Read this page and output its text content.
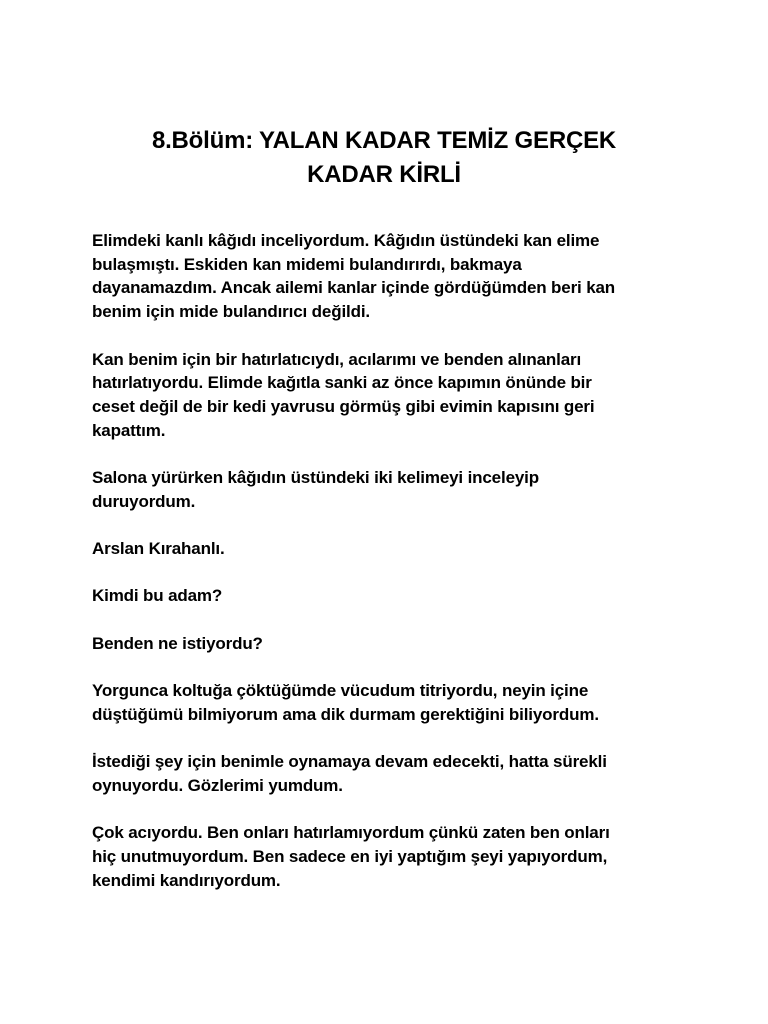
8.Bölüm: YALAN KADAR TEMİZ GERÇEK
KADAR KİRLİ

Elimdeki kanlı kâğıdı inceliyordum. Kâğıdın üstündeki kan elime
bulaşmıştı. Eskiden kan midemi bulandırırdı, bakmaya
dayanamazdım. Ancak ailemi kanlar içinde gördüğümden beri kan
benim için mide bulandırıcı değildi.

Kan benim için bir hatırlatıcıydı, acılarımı ve benden alınanları
hatırlatıyordu. Elimde kağıtla sanki az önce kapımın önünde bir
ceset değil de bir kedi yavrusu görmüş gibi evimin kapısını geri
kapattım.

Salona yürürken kâğıdın üstündeki iki kelimeyi inceleyip
duruyordum.

Arslan Kırahanlı.

Kimdi bu adam?

Benden ne istiyordu?

Yorgunca koltuğa çöktüğümde vücudum titriyordu, neyin içine
düştüğümü bilmiyorum ama dik durmam gerektiğini biliyordum.

İstediği şey için benimle oynamaya devam edecekti, hatta sürekli
oynuyordu. Gözlerimi yumdum.

Çok acıyordu. Ben onları hatırlamıyordum çünkü zaten ben onları
hiç unutmuyordum. Ben sadece en iyi yaptığım şeyi yapıyordum,
kendimi kandırıyordum.
